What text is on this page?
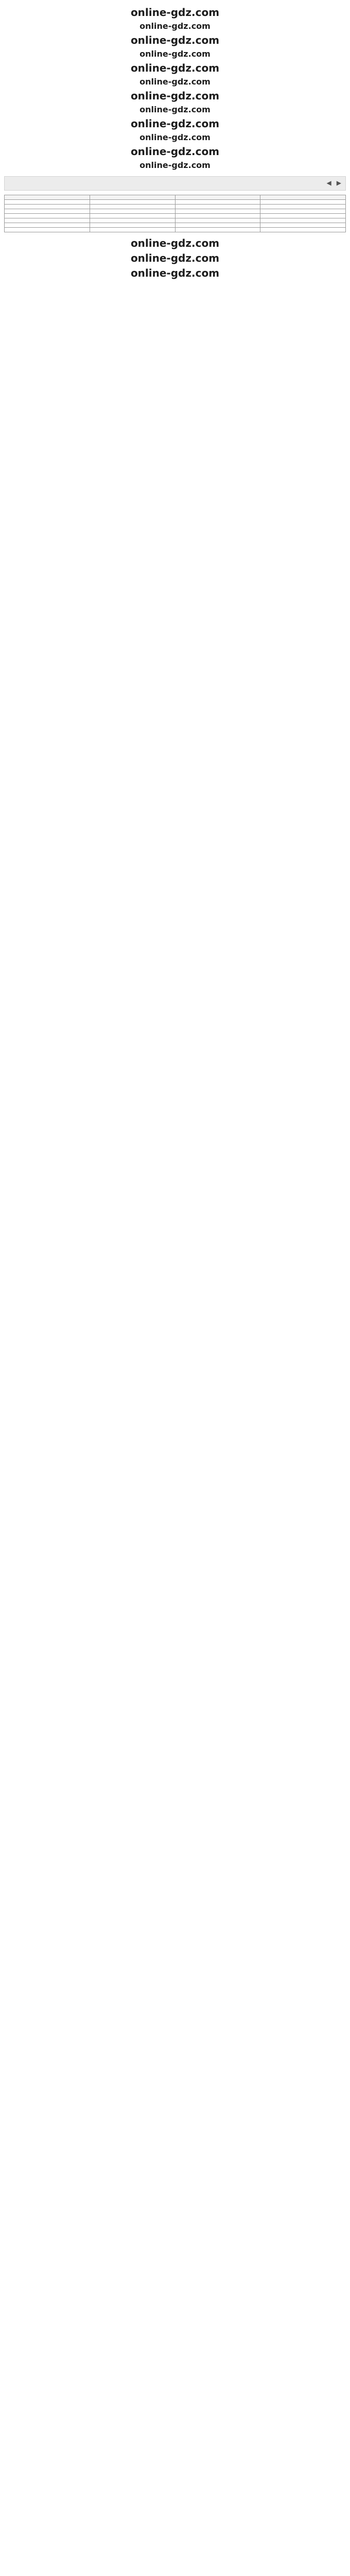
online-gdz.com

online-gdz.com

online-gdz.com

online-gdz.com

online-gdz.com

online-gdz.com

online-gdz.com

online-gdz.com

online-gdz.com

online-gdz.com

online-gdz.com

online-gdz.com
◀ ▶

online-gdz.com

online-gdz.com

online-gdz.com
